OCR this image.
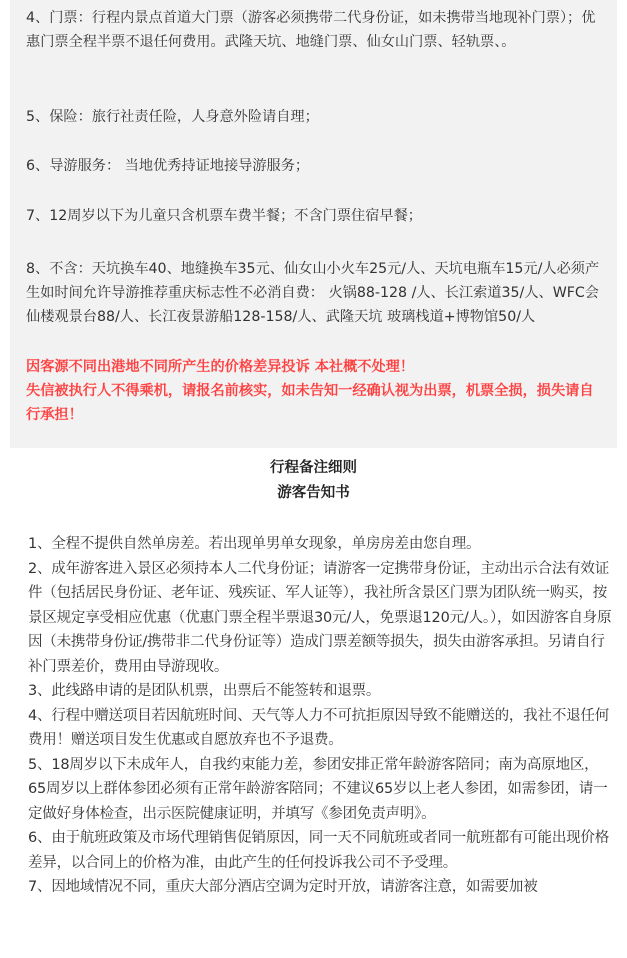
4、门票：行程内景点首道大门票（游客必须携带二代身份证，如未携带当地现补门票）；优惠门票全程半票不退任何费用。武隆天坑、地缝门票、仙女山门票、轻轨票、。

5、保险：旅行社责任险，人身意外险请自理；

6、导游服务： 当地优秀持证地接导游服务；

7、12周岁以下为儿童只含机票车费半餐；不含门票住宿早餐；

8、不含：天坑换车40、地缝换车35元、仙女山小火车25元/人、天坑电瓶车15元/人必须产生如时间允许导游推荐重庆标志性不必消自费： 火锅88-128 /人、长江索道35/人、WFC会仙楼观景台88/人、长江夜景游船128-158/人、武隆天坑 玻璃栈道+博物馆50/人

因客源不同出港地不同所产生的价格差异投诉 本社概不处理！

失信被执行人不得乘机，请报名前核实，如未告知一经确认视为出票，机票全损，损失请自行承担！

行程备注细则

游客告知书

1、全程不提供自然单房差。若出现单男单女现象，单房房差由您自理。

2、成年游客进入景区必须持本人二代身份证；请游客一定携带身份证，主动出示合法有效证件（包括居民身份证、老年证、残疾证、军人证等），我社所含景区门票为团队统一购买，按景区规定享受相应优惠（优惠门票全程半票退30元/人，免票退120元/人。），如因游客自身原因（未携带身份证/携带非二代身份证等）造成门票差额等损失，损失由游客承担。另请自行补门票差价，费用由导游现收。

3、此线路申请的是团队机票，出票后不能签转和退票。

4、行程中赠送项目若因航班时间、天气等人力不可抗拒原因导致不能赠送的，我社不退任何费用！赠送项目发生优惠或自愿放弃也不予退费。

5、18周岁以下未成年人，自我约束能力差，参团安排正常年龄游客陪同；南为高原地区，65周岁以上群体参团必须有正常年龄游客陪同；不建议65岁以上老人参团，如需参团，请一定做好身体检查，出示医院健康证明，并填写《参团免责声明》。

6、由于航班政策及市场代理销售促销原因，同一天不同航班或者同一航班都有可能出现价格差异，以合同上的价格为准，由此产生的任何投诉我公司不予受理。

7、因地域情况不同，重庆大部分酒店空调为定时开放，请游客注意，如需要加被
